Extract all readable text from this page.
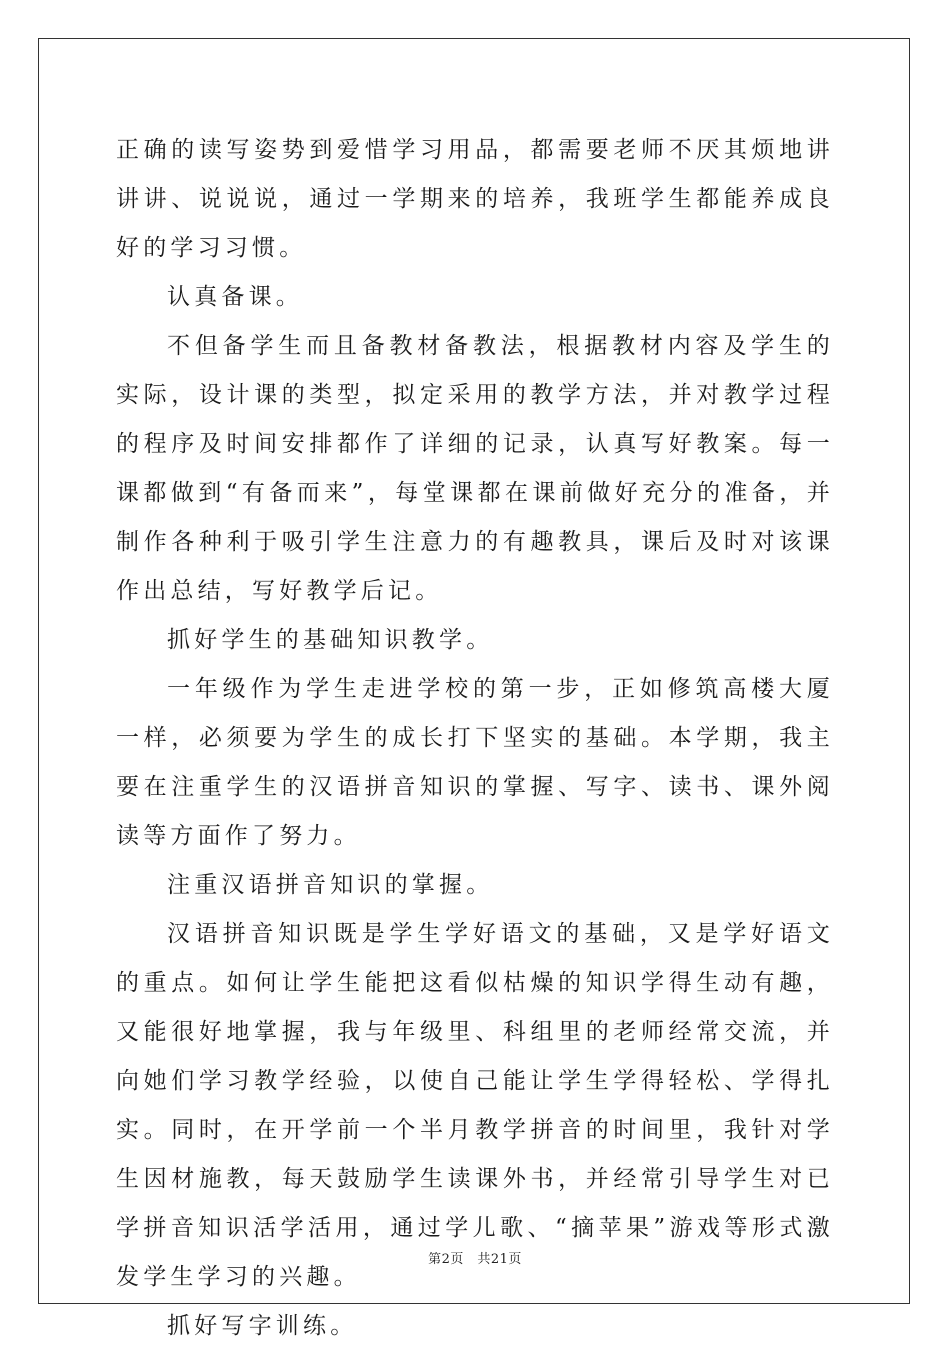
正确的读写姿势到爱惜学习用品，都需要老师不厌其烦地讲讲讲、说说说，通过一学期来的培养，我班学生都能养成良好的学习习惯。

认真备课。

不但备学生而且备教材备教法，根据教材内容及学生的实际，设计课的类型，拟定采用的教学方法，并对教学过程的程序及时间安排都作了详细的记录，认真写好教案。每一课都做到“有备而来”，每堂课都在课前做好充分的准备，并制作各种利于吸引学生注意力的有趣教具，课后及时对该课作出总结，写好教学后记。

抓好学生的基础知识教学。

一年级作为学生走进学校的第一步，正如修筑高楼大厦一样，必须要为学生的成长打下坚实的基础。本学期，我主要在注重学生的汉语拼音知识的掌握、写字、读书、课外阅读等方面作了努力。

注重汉语拼音知识的掌握。

汉语拼音知识既是学生学好语文的基础，又是学好语文的重点。如何让学生能把这看似枯燥的知识学得生动有趣，又能很好地掌握，我与年级里、科组里的老师经常交流，并向她们学习教学经验，以使自己能让学生学得轻松、学得扎实。同时，在开学前一个半月教学拼音的时间里，我针对学生因材施教，每天鼓励学生读课外书，并经常引导学生对已学拼音知识活学活用，通过学儿歌、“摘苹果”游戏等形式激发学生学习的兴趣。

抓好写字训练。

第2页　共21页
